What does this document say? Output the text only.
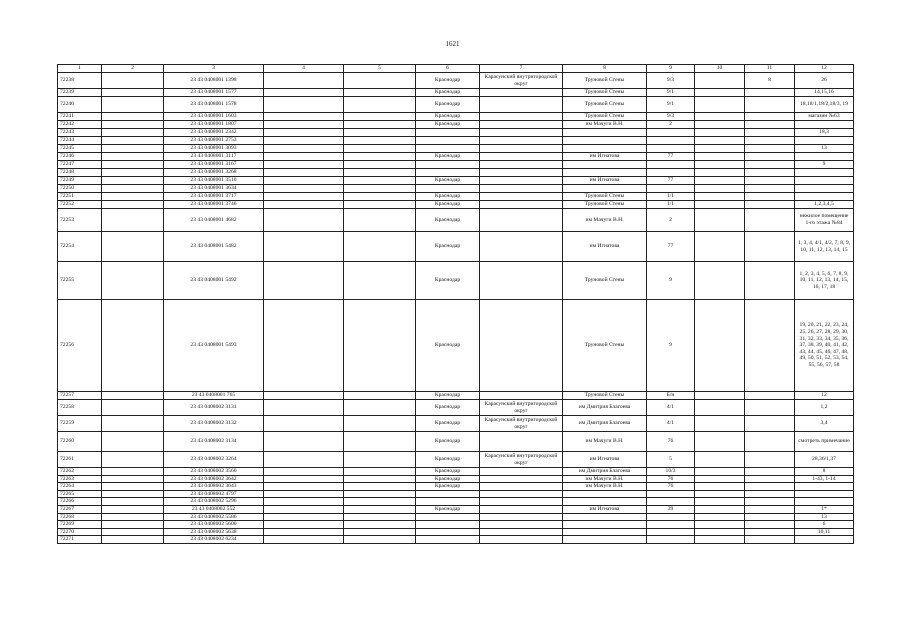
1621
1	2	3	4	5	6	7	8	9	10	11	12
72238		23 43 0408001 1398			Краснодар	Карасунский внутригородской округ	Труновой Стены	9/3		8	26
72239		23 43 0408001 1577			Краснодар		Труновой Стены	9/1			14,15,16
72240		23 43 0408001 1578			Краснодар		Труновой Стены	9/1			18,18/1,18/2,18/3, 19
72241		23 43 0408001 1603			Краснодар		Труновой Стены	9/3			магазин №63
72242		23 43 0408001 1807			Краснодар		им Мачуги В.Н.	2			
72243		23 43 0408001 2342									18,3
72244		23 43 0408001 2753									
72245		23 43 0408001 3093									13
72246		23 43 0408001 3117			Краснодар		им Игнатова	77			
72247		23 43 0408001 3167									9
72248		23 43 0408001 3268									
72249		23 43 0408001 3510			Краснодар		им Игнатова	77			
72250		23 43 0408001 3634									
72251		23 43 0408001 3717			Краснодар		Труновой Стены	1/1			
72252		23 43 0408001 3746			Краснодар		Труновой Стены	1/1			1,2,3,4,5
72253		23 43 0408001 4682			Краснодар		им Мачуги В.Н.	2			нежилое помещение 1-го этажа №84
72254		23 43 0408001 5482			Краснодар		им Игнатова	77			1, 3, 4, 4/1, 4/2, 7, 8, 9, 10, 11, 12, 13, 14, 15
72255		23 43 0408001 5492			Краснодар		Труновой Стены	9			1, 2, 3, 4, 5, 6, 7, 8, 9, 10, 11, 12, 13, 14, 15, 16, 17, 18
72256		23 43 0408001 5493			Краснодар		Труновой Стены	9			19, 20, 21, 22, 23, 24, 25, 26, 27, 28, 29, 30, 31, 32, 33, 34, 35, 36, 37, 38, 39, 40, 41, 42, 43, 44, 45, 46, 47, 48, 49, 50, 51, 52, 53, 54, 55, 56, 57, 58
72257		23 43 0408001 765			Краснодар		Труновой Стены	Б/н			12
72258		23 43 0408002 3131			Краснодар	Карасунский внутригородской округ	им Дмитрия Благоева	4/1			1,2
72259		23 43 0408002 3132			Краснодар	Карасунский внутригородской округ	им Дмитрия Благоева	4/1			3,4
72260		23 43 0408002 3134			Краснодар		им Мачуги В.Н.	76			смотреть примечание
72261		23 43 0408002 3264			Краснодар	Карасунский внутригородской округ	им Игнатова	5			28,36/1,37
72262		23 43 0408002 3560			Краснодар		им Дмитрия Благоева	10/3			8
72263		23 43 0408002 3642			Краснодар		им Мачуги В.Н.	76			1-43, 1-14
72264		23 43 0408002 3643			Краснодар		им Мачуги В.Н.	76			
72265		23 43 0408002 4797									
72266		23 43 0408002 5296									
72267		23 43 0408002 552			Краснодар		им Игнатова	39			1*
72268		23 43 0408002 5586									13
72269		23 43 0408002 5600									6
72270		23 43 0408002 5638									10,11
72271		23 43 0408002 6234									
